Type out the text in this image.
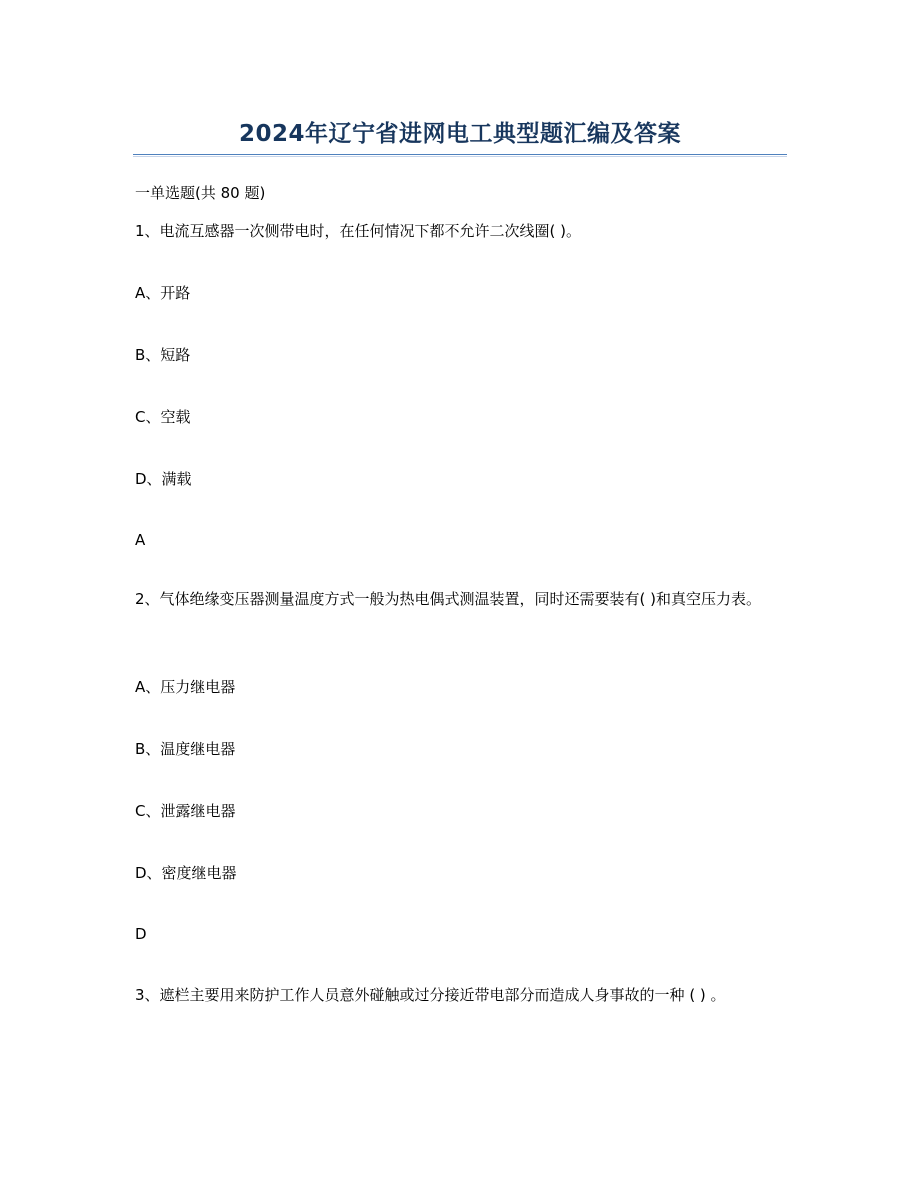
2024年辽宁省进网电工典型题汇编及答案
一单选题(共 80 题)
1、电流互感器一次侧带电时，在任何情况下都不允许二次线圈( )。
A、开路
B、短路
C、空载
D、满载
A
2、气体绝缘变压器测量温度方式一般为热电偶式测温装置，同时还需要装有( )和真空压力表。
A、压力继电器
B、温度继电器
C、泄露继电器
D、密度继电器
D
3、遮栏主要用来防护工作人员意外碰触或过分接近带电部分而造成人身事故的一种 ( ) 。
